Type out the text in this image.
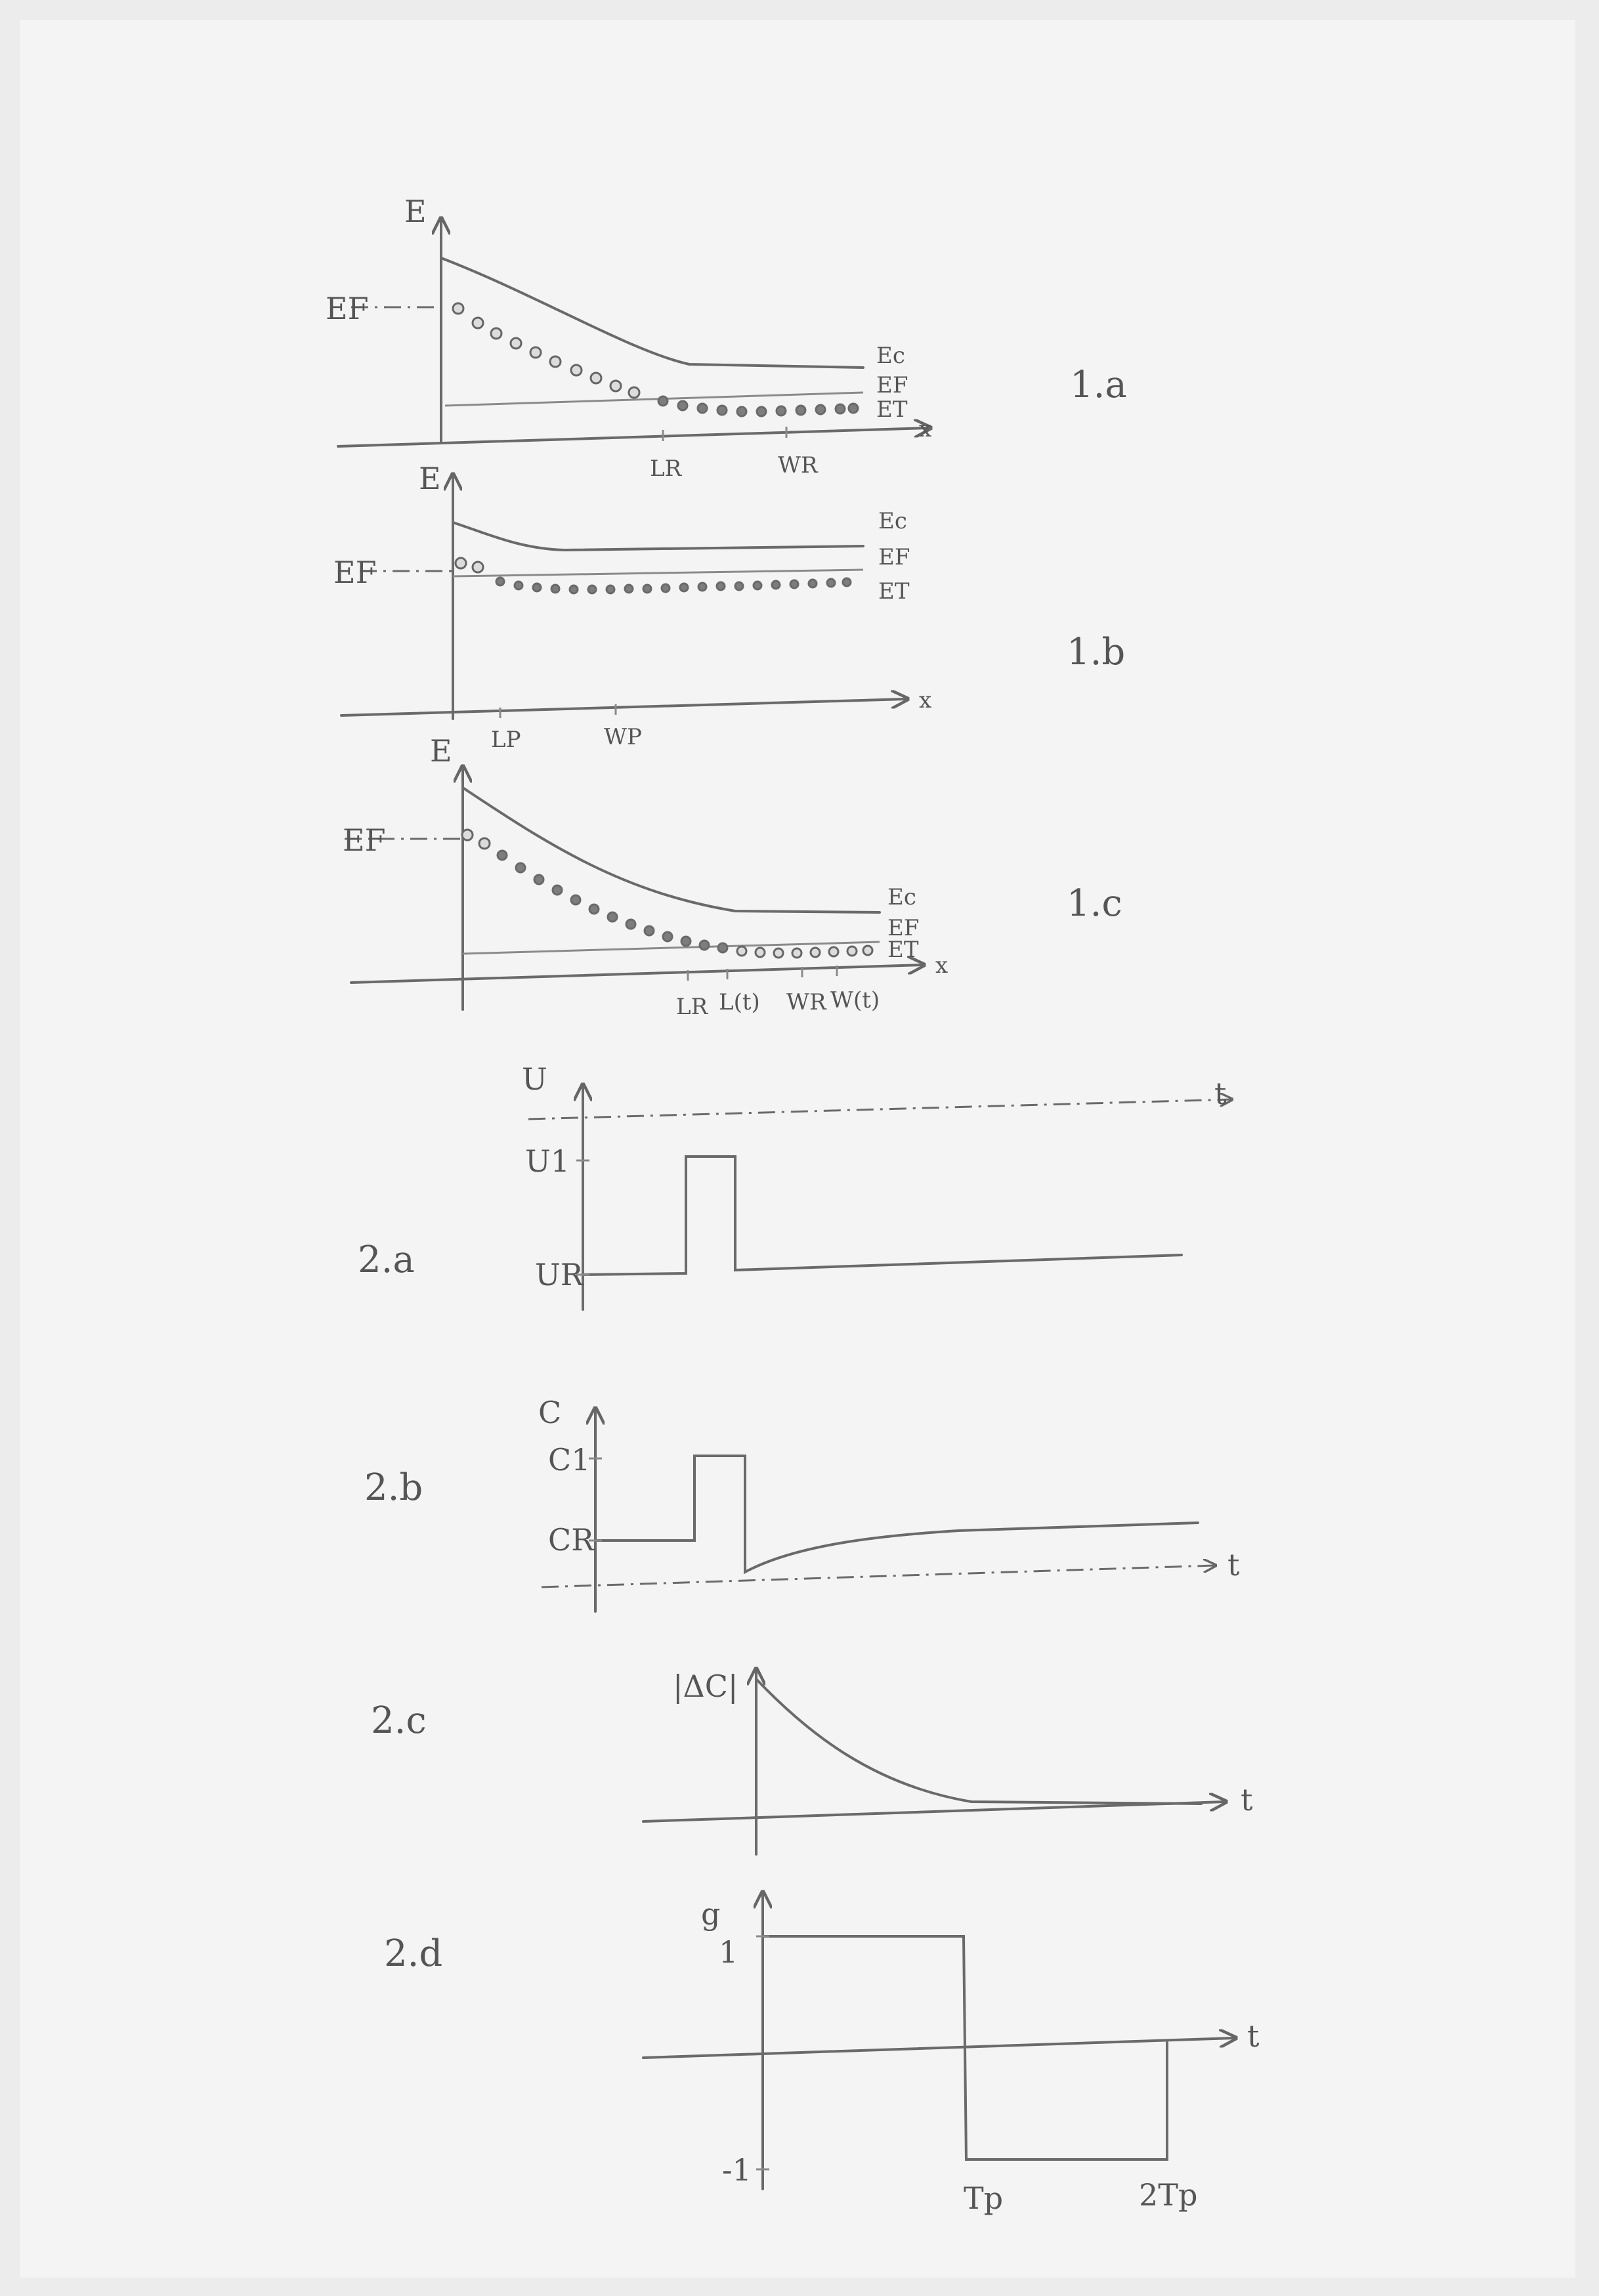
E
EF
Ec
EF
ET
x
LR	WR
1.a
E
EF
Ec
EF
ET
x
LP	WP
1.b
E
EF
Ec
EF
ET
x
LR L(t) WR W(t)
1.c
U
U1
UR
t
2.a
C
C1
CR
t
2.b
|ΔC|
t
2.c
g
1
-1
Tp	2Tp
t
2.d
